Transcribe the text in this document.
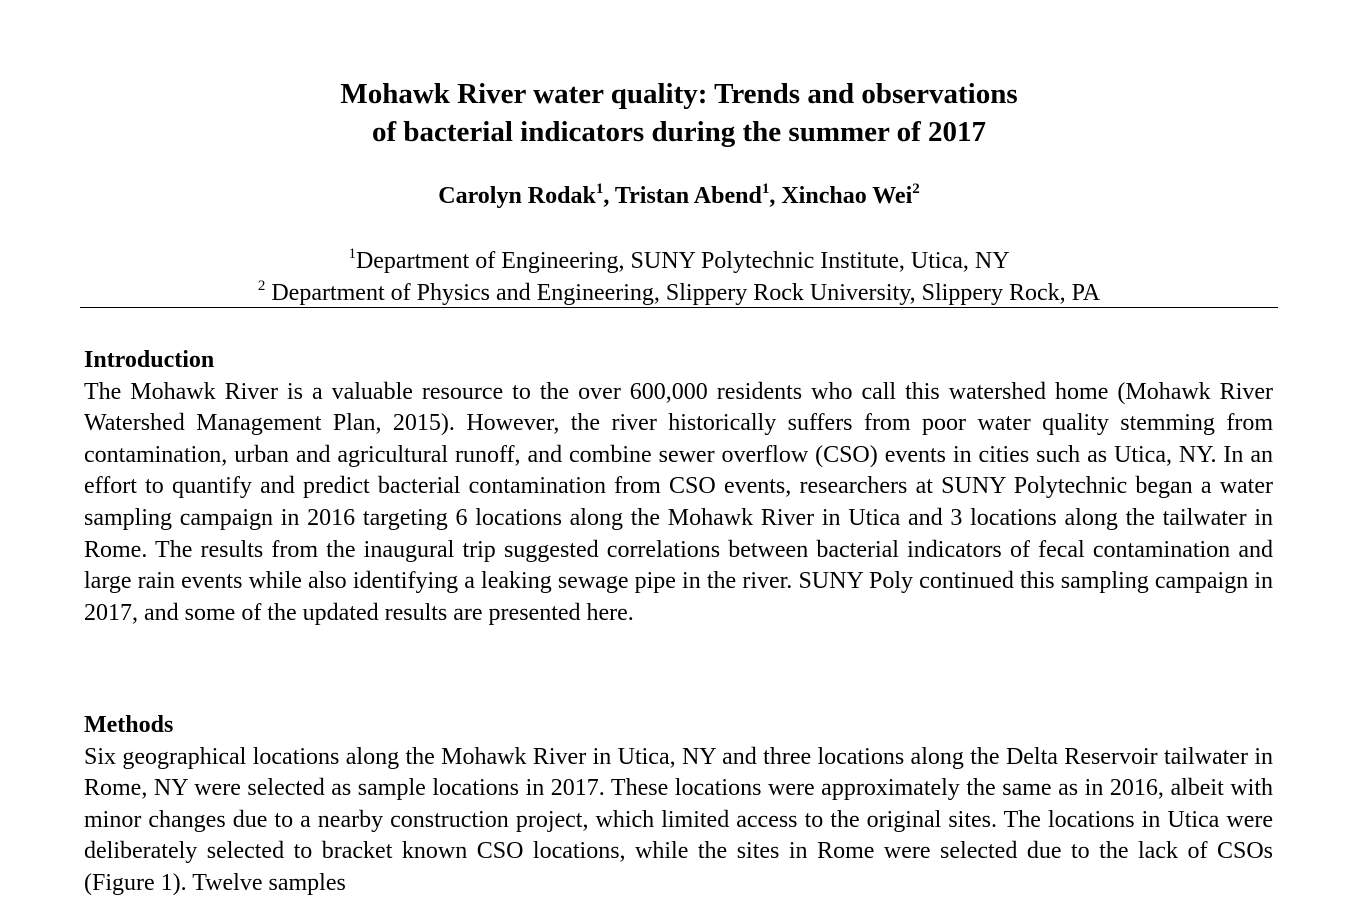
Mohawk River water quality: Trends and observations
of bacterial indicators during the summer of 2017

Carolyn Rodak$^1$, Tristan Abend$^1$, Xinchao Wei$^2$

$^1$Department of Engineering, SUNY Polytechnic Institute, Utica, NY
$^2$ Department of Physics and Engineering, Slippery Rock University, Slippery Rock, PA
Introduction

The Mohawk River is a valuable resource to the over 600,000 residents who call this watershed home (Mohawk River Watershed Management Plan, 2015). However, the river historically suffers from poor water quality stemming from contamination, urban and agricultural runoff, and combine sewer overflow (CSO) events in cities such as Utica, NY. In an effort to quantify and predict bacterial contamination from CSO events, researchers at SUNY Polytechnic began a water sampling campaign in 2016 targeting 6 locations along the Mohawk River in Utica and 3 locations along the tailwater in Rome. The results from the inaugural trip suggested correlations between bacterial indicators of fecal contamination and large rain events while also identifying a leaking sewage pipe in the river. SUNY Poly continued this sampling campaign in 2017, and some of the updated results are presented here.

Methods

Six geographical locations along the Mohawk River in Utica, NY and three locations along the Delta Reservoir tailwater in Rome, NY were selected as sample locations in 2017. These locations were approximately the same as in 2016, albeit with minor changes due to a nearby construction project, which limited access to the original sites. The locations in Utica were deliberately selected to bracket known CSO locations, while the sites in Rome were selected due to the lack of CSOs (Figure 1). Twelve samples
